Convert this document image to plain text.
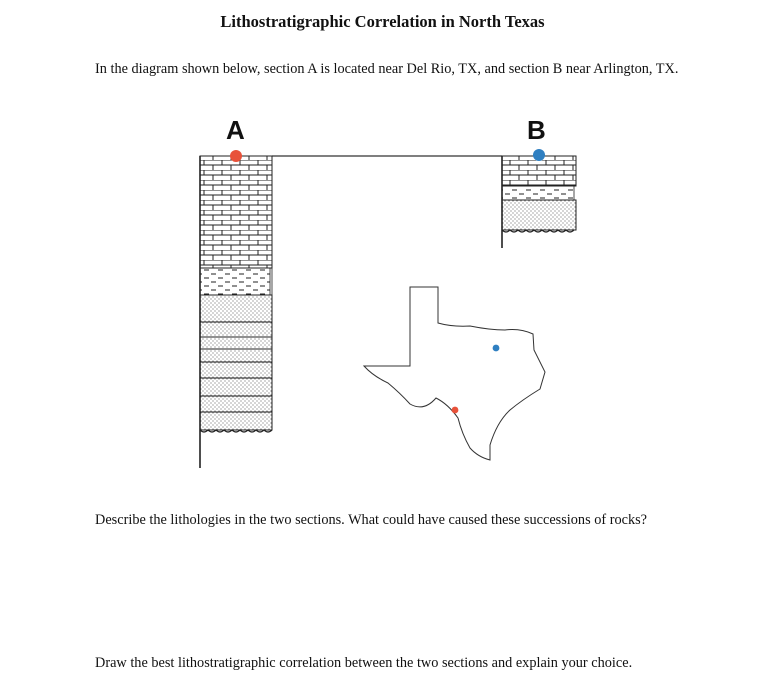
Lithostratigraphic Correlation in North Texas
In the diagram shown below, section A is located near Del Rio, TX, and section B near Arlington, TX.
A	B
Describe the lithologies in the two sections. What could have caused these successions of rocks?
Draw the best lithostratigraphic correlation between the two sections and explain your choice.
